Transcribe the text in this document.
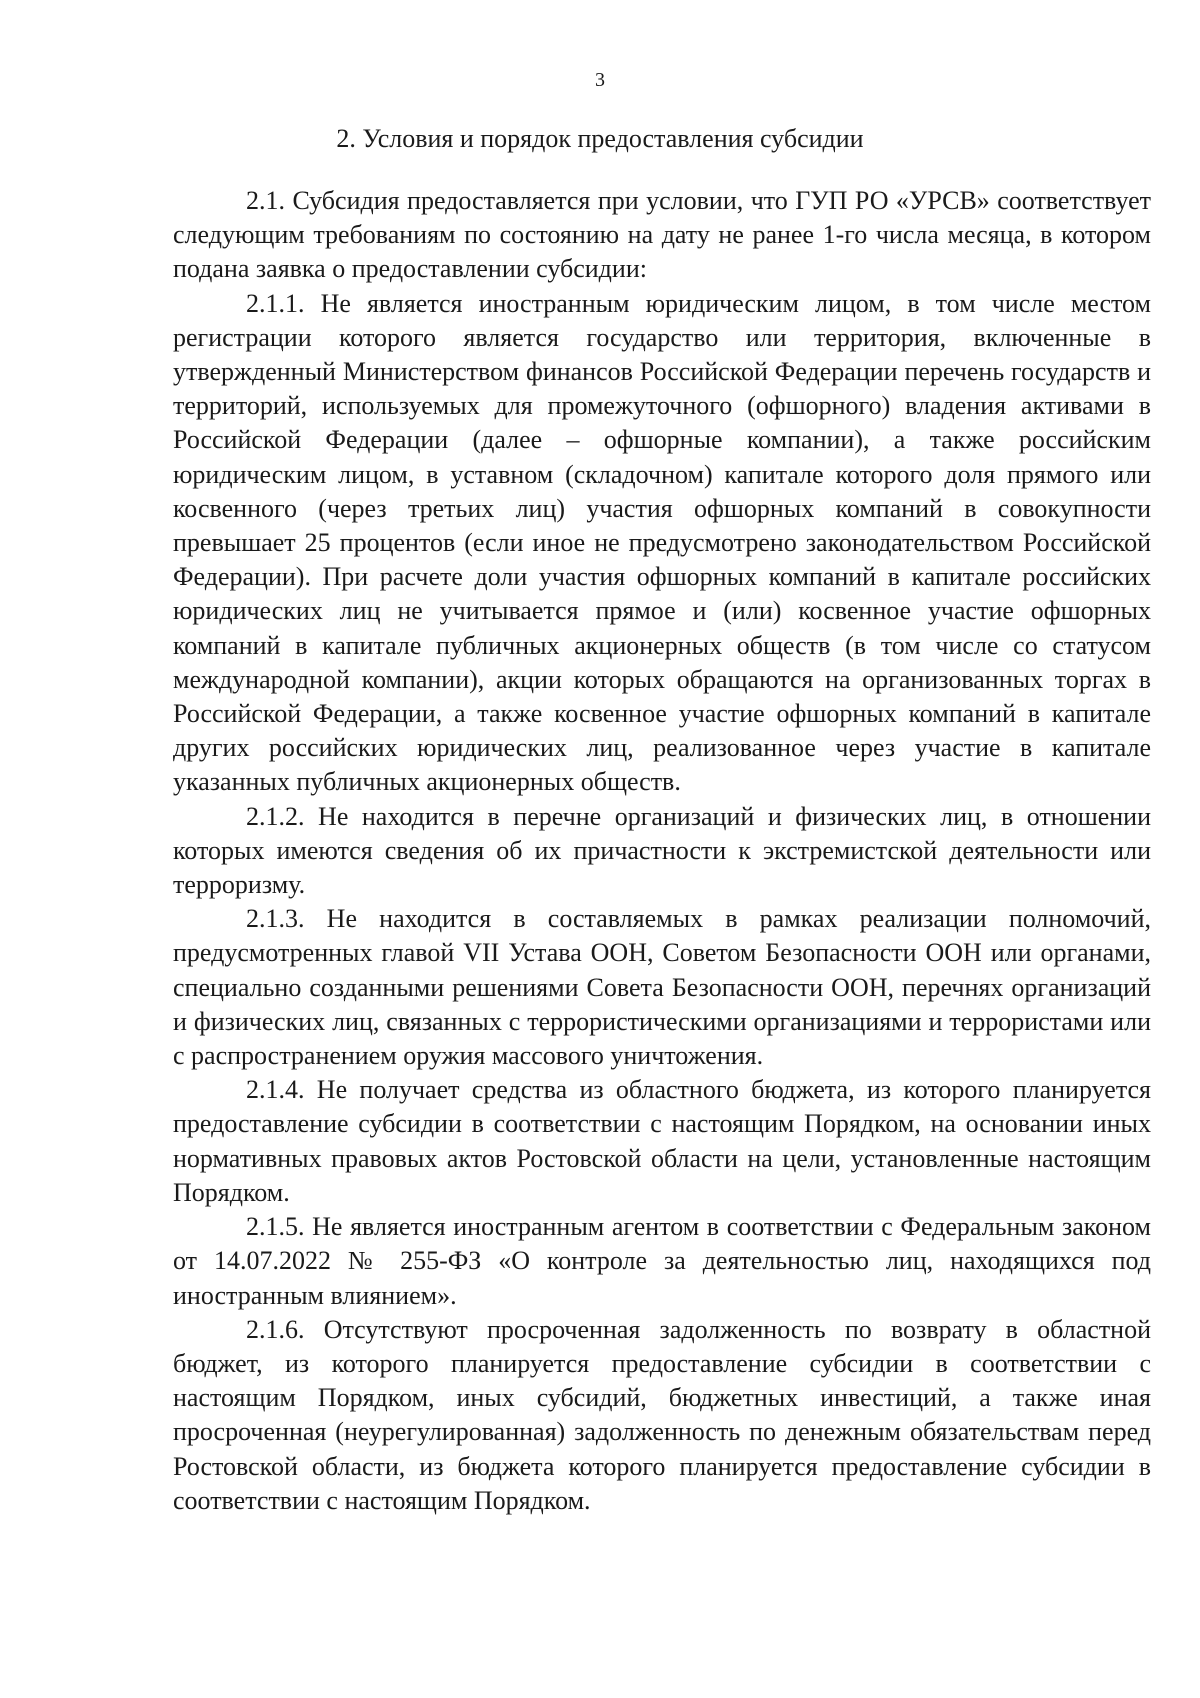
3
2. Условия и порядок предоставления субсидии

2.1. Субсидия предоставляется при условии, что ГУП РО «УРСВ» соответствует следующим требованиям по состоянию на дату не ранее 1-го числа месяца, в котором подана заявка о предоставлении субсидии:

2.1.1. Не является иностранным юридическим лицом, в том числе местом регистрации которого является государство или территория, включенные в утвержденный Министерством финансов Российской Федерации перечень государств и территорий, используемых для промежуточного (офшорного) владения активами в Российской Федерации (далее – офшорные компании), а также российским юридическим лицом, в уставном (складочном) капитале которого доля прямого или косвенного (через третьих лиц) участия офшорных компаний в совокупности превышает 25 процентов (если иное не предусмотрено законодательством Российской Федерации). При расчете доли участия офшорных компаний в капитале российских юридических лиц не учитывается прямое и (или) косвенное участие офшорных компаний в капитале публичных акционерных обществ (в том числе со статусом международной компании), акции которых обращаются на организованных торгах в Российской Федерации, а также косвенное участие офшорных компаний в капитале других российских юридических лиц, реализованное через участие в капитале указанных публичных акционерных обществ.

2.1.2. Не находится в перечне организаций и физических лиц, в отношении которых имеются сведения об их причастности к экстремистской деятельности или терроризму.

2.1.3. Не находится в составляемых в рамках реализации полномочий, предусмотренных главой VII Устава ООН, Советом Безопасности ООН или органами, специально созданными решениями Совета Безопасности ООН, перечнях организаций и физических лиц, связанных с террористическими организациями и террористами или с распространением оружия массового уничтожения.

2.1.4. Не получает средства из областного бюджета, из которого планируется предоставление субсидии в соответствии с настоящим Порядком, на основании иных нормативных правовых актов Ростовской области на цели, установленные настоящим Порядком.

2.1.5. Не является иностранным агентом в соответствии с Федеральным законом от 14.07.2022 № 255-ФЗ «О контроле за деятельностью лиц, находящихся под иностранным влиянием».

2.1.6. Отсутствуют просроченная задолженность по возврату в областной бюджет, из которого планируется предоставление субсидии в соответствии с настоящим Порядком, иных субсидий, бюджетных инвестиций, а также иная просроченная (неурегулированная) задолженность по денежным обязательствам перед Ростовской области, из бюджета которого планируется предоставление субсидии в соответствии с настоящим Порядком.
